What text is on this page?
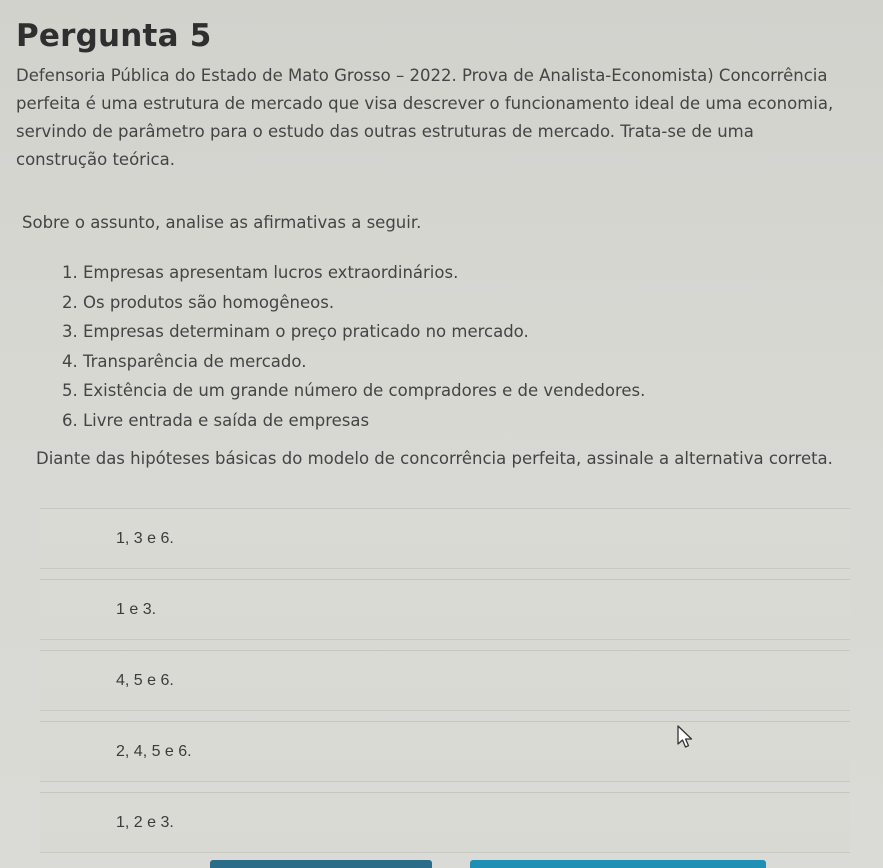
Pergunta 5

Defensoria Pública do Estado de Mato Grosso – 2022. Prova de Analista-Economista) Concorrência

perfeita é uma estrutura de mercado que visa descrever o funcionamento ideal de uma economia,

servindo de parâmetro para o estudo das outras estruturas de mercado. Trata-se de uma

construção teórica.

Sobre o assunto, analise as afirmativas a seguir.
1. Empresas apresentam lucros extraordinários.
2. Os produtos são homogêneos.
3. Empresas determinam o preço praticado no mercado.
4. Transparência de mercado.
5. Existência de um grande número de compradores e de vendedores.
6. Livre entrada e saída de empresas
Diante das hipóteses básicas do modelo de concorrência perfeita, assinale a alternativa correta.
1, 3 e 6.
1 e 3.
4, 5 e 6.
2, 4, 5 e 6.
1, 2 e 3.
